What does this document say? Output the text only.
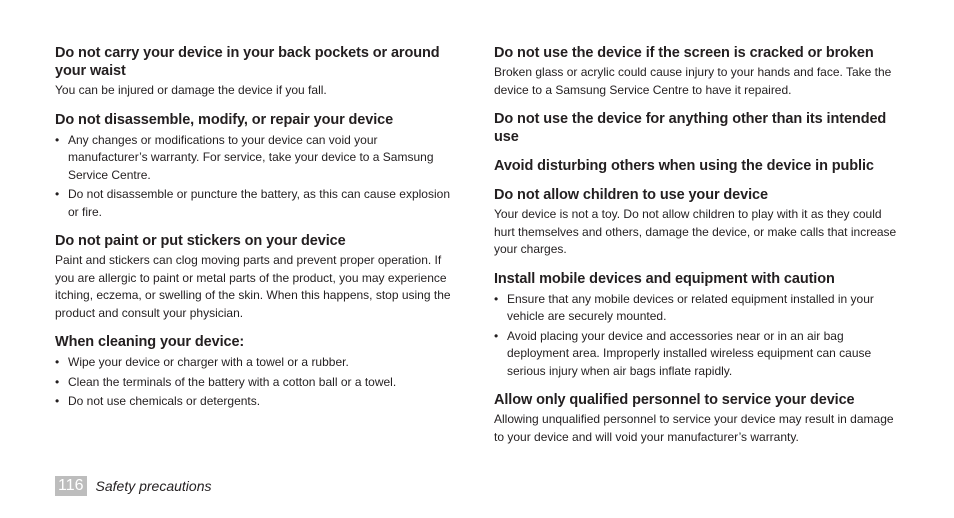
Do not carry your device in your back pockets or around your waist

You can be injured or damage the device if you fall.

Do not disassemble, modify, or repair your device

• Any changes or modifications to your device can void your manufacturer’s warranty. For service, take your device to a Samsung Service Centre.
• Do not disassemble or puncture the battery, as this can cause explosion or fire.

Do not paint or put stickers on your device

Paint and stickers can clog moving parts and prevent proper operation. If you are allergic to paint or metal parts of the product, you may experience itching, eczema, or swelling of the skin. When this happens, stop using the product and consult your physician.

When cleaning your device:

• Wipe your device or charger with a towel or a rubber.
• Clean the terminals of the battery with a cotton ball or a towel.
• Do not use chemicals or detergents.

Do not use the device if the screen is cracked or broken

Broken glass or acrylic could cause injury to your hands and face. Take the device to a Samsung Service Centre to have it repaired.

Do not use the device for anything other than its intended use

Avoid disturbing others when using the device in public

Do not allow children to use your device

Your device is not a toy. Do not allow children to play with it as they could hurt themselves and others, damage the device, or make calls that increase your charges.

Install mobile devices and equipment with caution

• Ensure that any mobile devices or related equipment installed in your vehicle are securely mounted.
• Avoid placing your device and accessories near or in an air bag deployment area. Improperly installed wireless equipment can cause serious injury when air bags inflate rapidly.

Allow only qualified personnel to service your device

Allowing unqualified personnel to service your device may result in damage to your device and will void your manufacturer’s warranty.

116 Safety precautions
